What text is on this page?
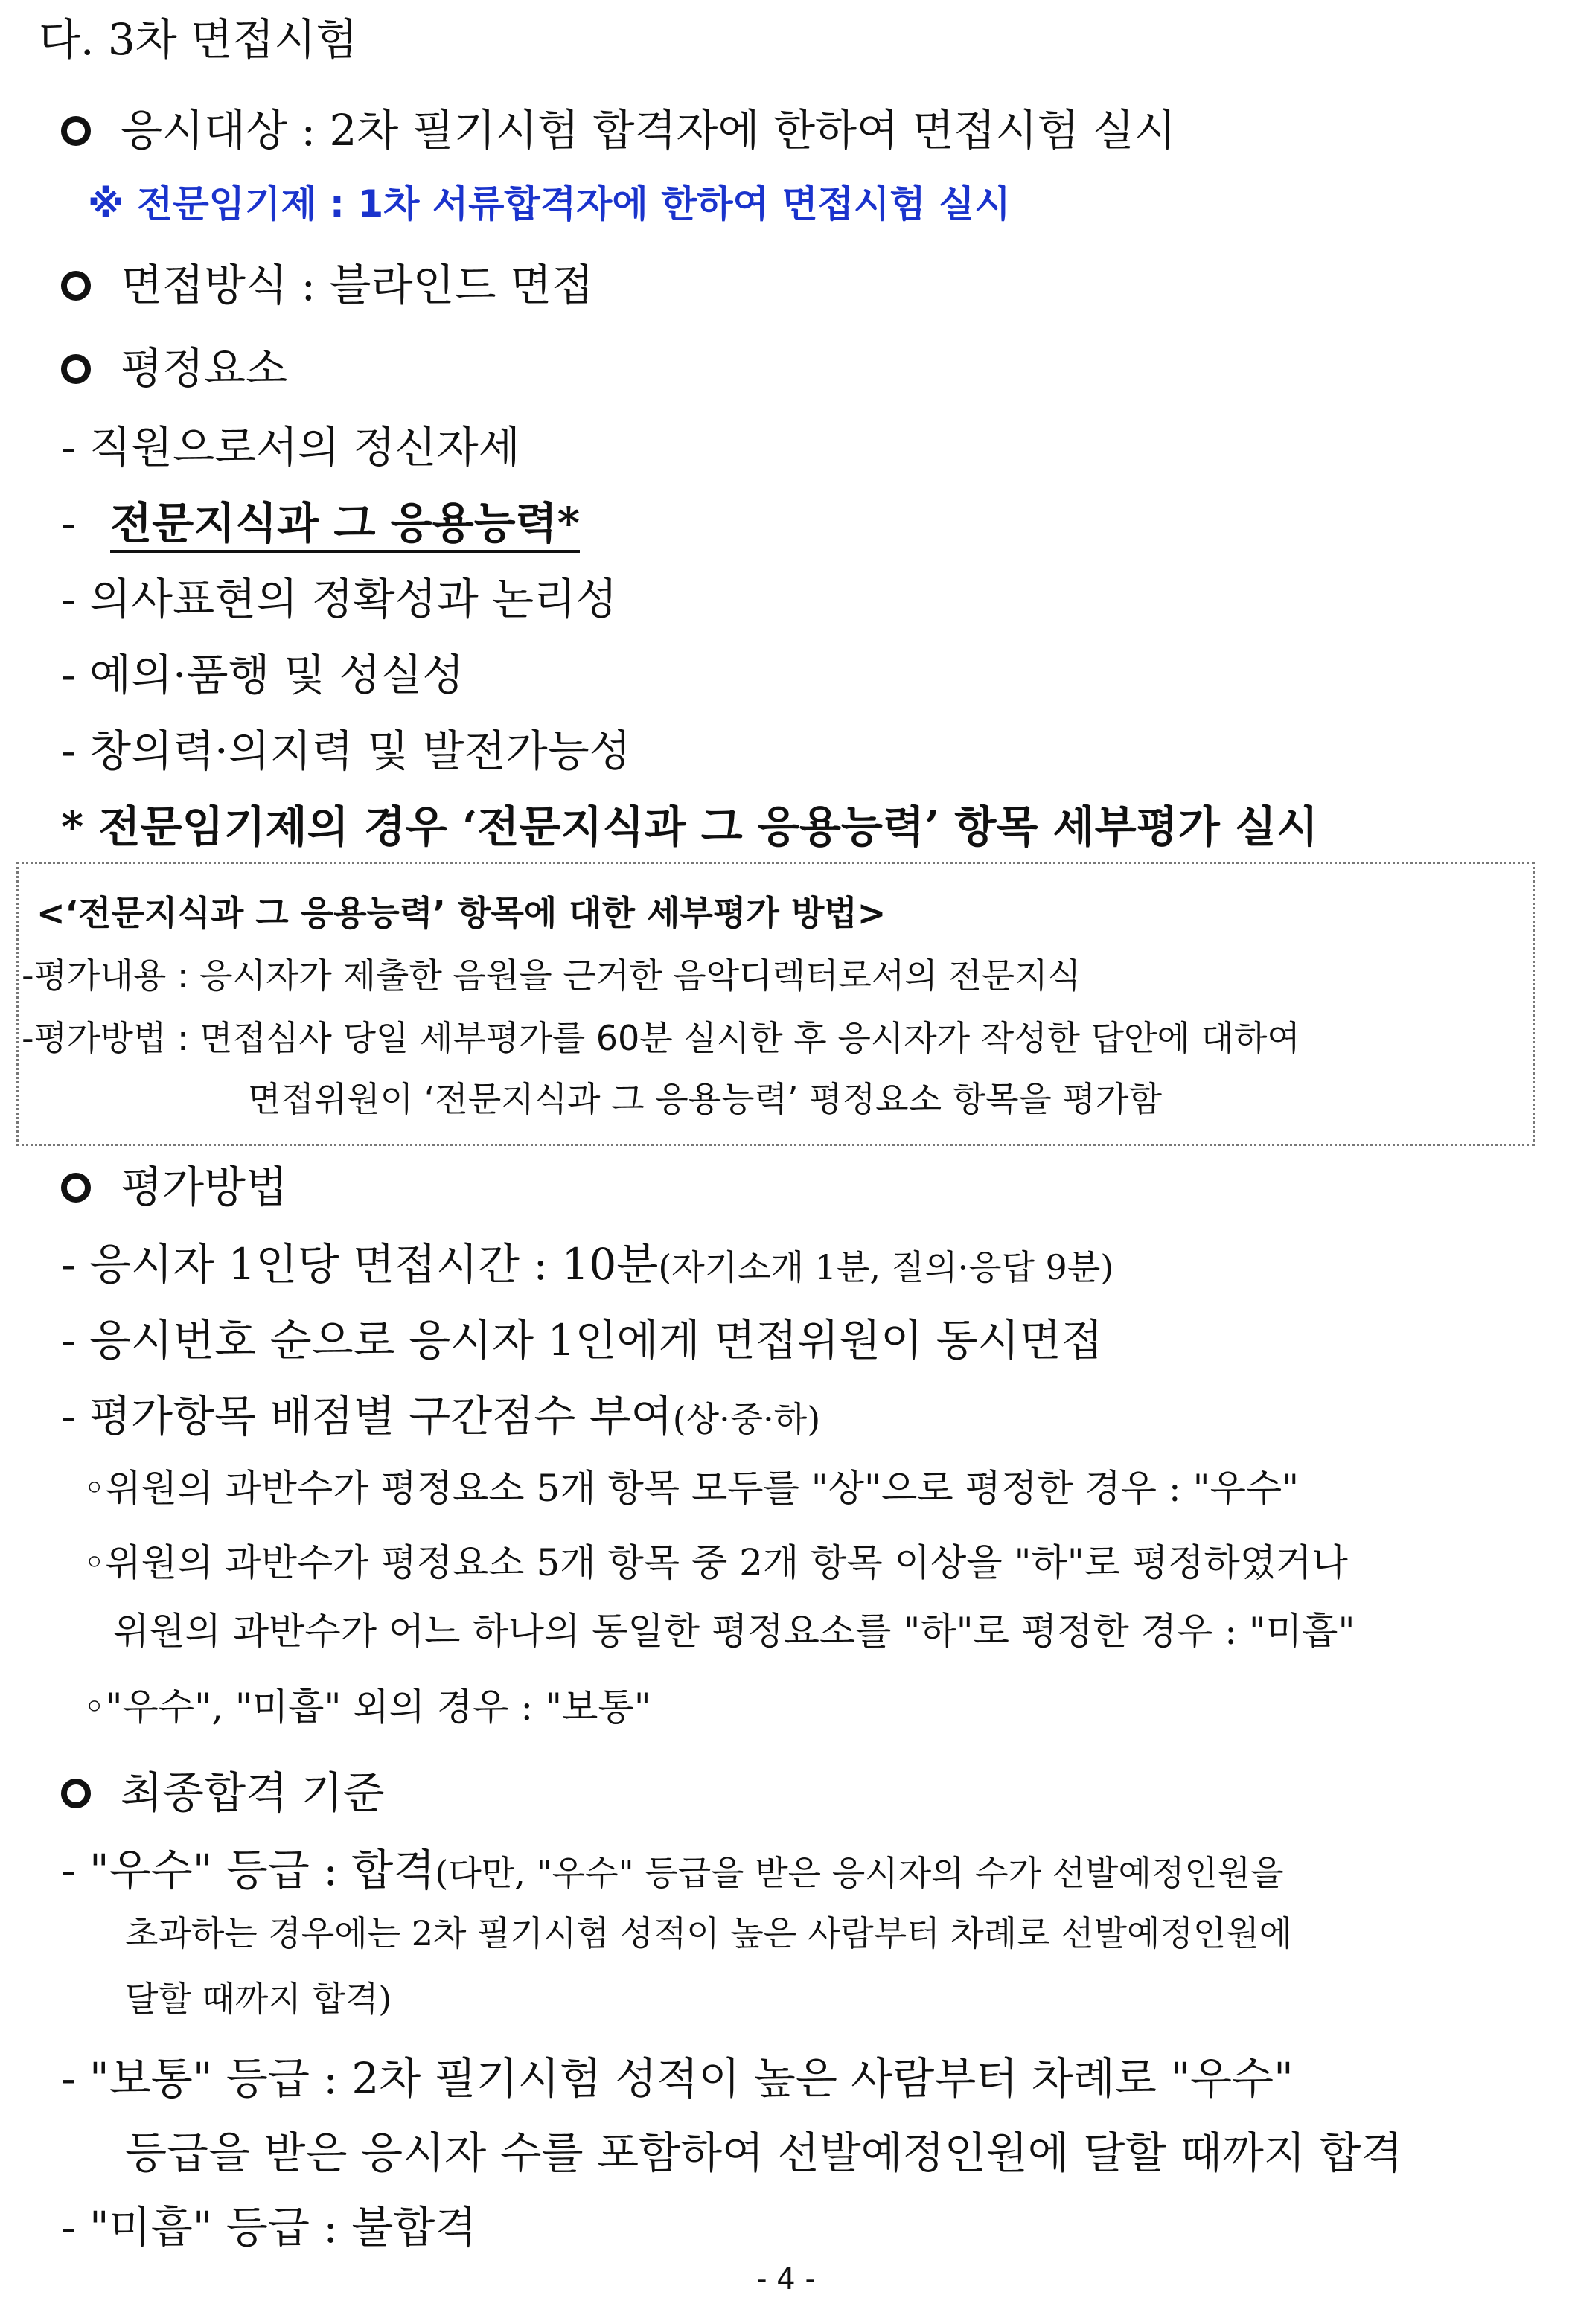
다. 3차 면접시험
응시대상 : 2차 필기시험 합격자에 한하여 면접시험 실시
※ 전문임기제 : 1차 서류합격자에 한하여 면접시험 실시
면접방식 : 블라인드 면접
평정요소
- 직원으로서의 정신자세
- 전문지식과 그 응용능력*
- 의사표현의 정확성과 논리성
- 예의·품행 및 성실성
- 창의력·의지력 및 발전가능성
* 전문임기제의 경우 ‘전문지식과 그 응용능력’ 항목 세부평가 실시
<‘전문지식과 그 응용능력’ 항목에 대한 세부평가 방법>
-평가내용 : 응시자가 제출한 음원을 근거한 음악디렉터로서의 전문지식
-평가방법 : 면접심사 당일 세부평가를 60분 실시한 후 응시자가 작성한 답안에 대하여
면접위원이 ‘전문지식과 그 응용능력’ 평정요소 항목을 평가함
평가방법
- 응시자 1인당 면접시간 : 10분(자기소개 1분, 질의·응답 9분)
- 응시번호 순으로 응시자 1인에게 면접위원이 동시면접
- 평가항목 배점별 구간점수 부여(상·중·하)
◦위원의 과반수가 평정요소 5개 항목 모두를 "상"으로 평정한 경우 : "우수"
◦위원의 과반수가 평정요소 5개 항목 중 2개 항목 이상을 "하"로 평정하였거나
위원의 과반수가 어느 하나의 동일한 평정요소를 "하"로 평정한 경우 : "미흡"
◦"우수", "미흡" 외의 경우 : "보통"
최종합격 기준
- "우수" 등급 : 합격(다만, "우수" 등급을 받은 응시자의 수가 선발예정인원을
초과하는 경우에는 2차 필기시험 성적이 높은 사람부터 차례로 선발예정인원에
달할 때까지 합격)
- "보통" 등급 : 2차 필기시험 성적이 높은 사람부터 차례로 "우수"
등급을 받은 응시자 수를 포함하여 선발예정인원에 달할 때까지 합격
- "미흡" 등급 : 불합격
- 4 -
